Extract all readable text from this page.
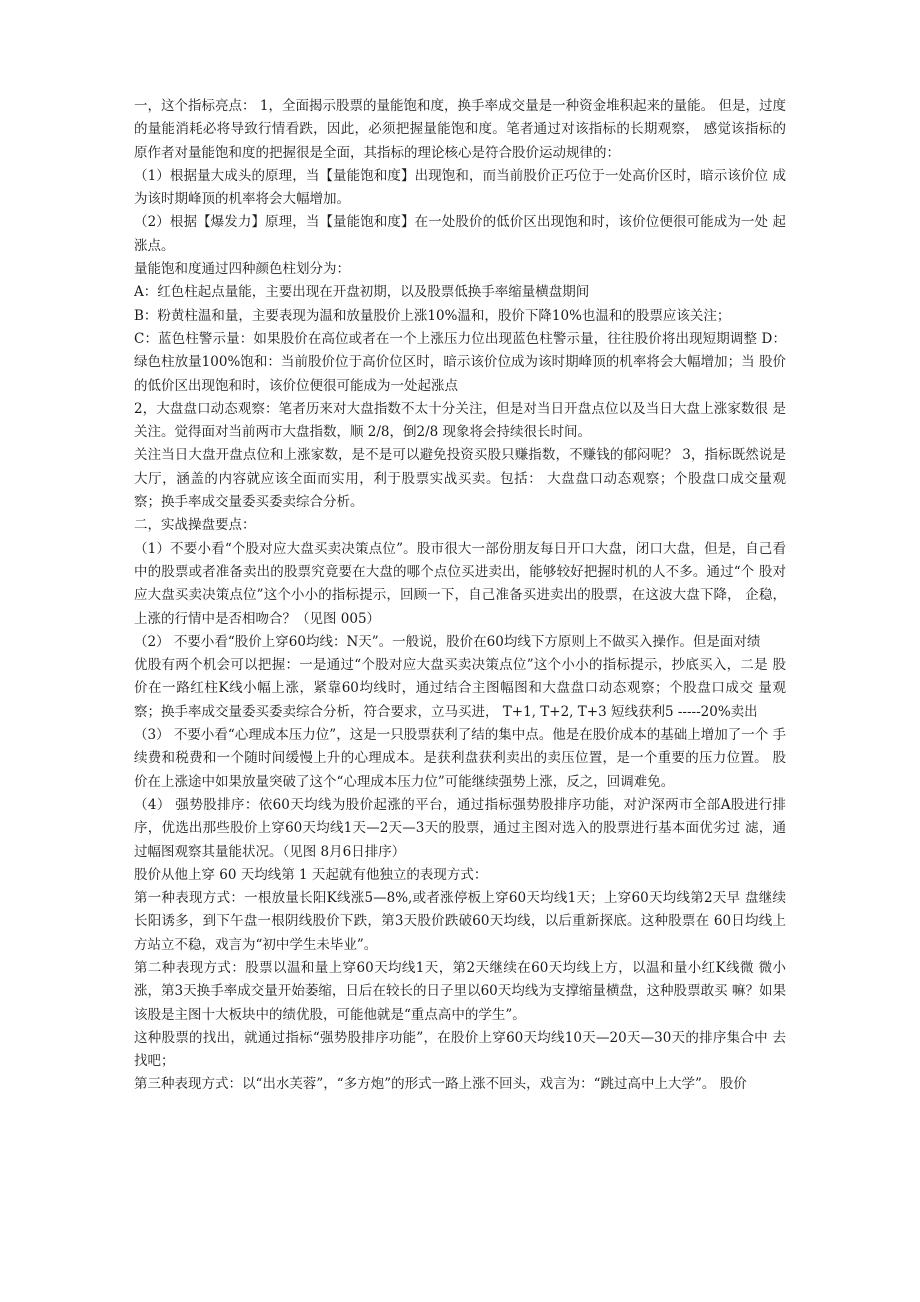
一，这个指标亮点： 1，全面揭示股票的量能饱和度，换手率成交量是一种资金堆积起来的量能。 但是，过度的量能消耗必将导致行情看跌，因此，必须把握量能饱和度。笔者通过对该指标的长期观察， 感觉该指标的原作者对量能饱和度的把握很是全面，其指标的理论核心是符合股价运动规律的：

（1）根据量大成头的原理，当【量能饱和度】出现饱和，而当前股价正巧位于一处高价区时，暗示该价位 成为该时期峰顶的机率将会大幅增加。

（2）根据【爆发力】原理，当【量能饱和度】在一处股价的低价区出现饱和时，该价位便很可能成为一处 起涨点。

量能饱和度通过四种颜色柱划分为：

A：红色柱起点量能，主要出现在开盘初期，以及股票低换手率缩量横盘期间

B：粉黄柱温和量，主要表现为温和放量股价上涨10%温和，股价下降10%也温和的股票应该关注；

C：蓝色柱警示量：如果股价在高位或者在一个上涨压力位出现蓝色柱警示量，往往股价将出现短期调整 D：绿色柱放量100%饱和：当前股价位于高价位区时，暗示该价位成为该时期峰顶的机率将会大幅增加；当 股价的低价区出现饱和时，该价位便很可能成为一处起涨点

2，大盘盘口动态观察：笔者历来对大盘指数不太十分关注，但是对当日开盘点位以及当日大盘上涨家数很 是关注。觉得面对当前两市大盘指数，顺 2/8，倒2/8 现象将会持续很长时间。

关注当日大盘开盘点位和上涨家数，是不是可以避免投资买股只赚指数，不赚钱的郁闷呢？ 3，指标既然说是大厅，涵盖的内容就应该全面而实用，利于股票实战买卖。包括： 大盘盘口动态观察；个股盘口成交量观察；换手率成交量委买委卖综合分析。

二，实战操盘要点：

（1）不要小看“个股对应大盘买卖决策点位”。股市很大一部份朋友每日开口大盘，闭口大盘，但是，自己看中的股票或者准备卖出的股票究竟要在大盘的哪个点位买进卖出，能够较好把握时机的人不多。通过“个 股对应大盘买卖决策点位”这个小小的指标提示，回顾一下，自己准备买进卖出的股票，在这波大盘下降， 企稳，上涨的行情中是否相吻合？（见图 005）

（2） 不要小看“股价上穿60均线：N天”。一般说，股价在60均线下方原则上不做买入操作。但是面对绩

优股有两个机会可以把握：一是通过“个股对应大盘买卖决策点位”这个小小的指标提示，抄底买入，二是 股价在一路红柱K线小幅上涨，紧靠60均线时，通过结合主图幅图和大盘盘口动态观察；个股盘口成交 量观察；换手率成交量委买委卖综合分析，符合要求，立马买进， T+1, T+2, T+3 短线获利5 -----20%卖出

（3） 不要小看“心理成本压力位”，这是一只股票获利了结的集中点。他是在股价成本的基础上增加了一个 手续费和税费和一个随时间缓慢上升的心理成本。是获利盘获利卖出的卖压位置，是一个重要的压力位置。 股价在上涨途中如果放量突破了这个“心理成本压力位”可能继续强势上涨，反之，回调难免。

（4） 强势股排序：依60天均线为股价起涨的平台，通过指标强势股排序功能，对沪深两市全部A股进行排序，优选出那些股价上穿60天均线1天—2天—3天的股票，通过主图对选入的股票进行基本面优劣过 滤，通过幅图观察其量能状况。（见图 8月6日排序）

股价从他上穿 60 天均线第 1 天起就有他独立的表现方式：

第一种表现方式：一根放量长阳K线涨5—8%,或者涨停板上穿60天均线1天；上穿60天均线第2天早 盘继续长阳诱多，到下午盘一根阴线股价下跌，第3天股价跌破60天均线，以后重新探底。这种股票在 60日均线上方站立不稳，戏言为“初中学生未毕业”。

第二种表现方式：股票以温和量上穿60天均线1天，第2天继续在60天均线上方，以温和量小红K线微 微小涨，第3天换手率成交量开始萎缩，日后在较长的日子里以60天均线为支撑缩量横盘，这种股票敢买 嘛？如果该股是主图十大板块中的绩优股，可能他就是“重点高中的学生”。

这种股票的找出，就通过指标“强势股排序功能”，在股价上穿60天均线10天—20天—30天的排序集合中 去找吧；

第三种表现方式：以“出水芙蓉”，“多方炮”的形式一路上涨不回头，戏言为：“跳过高中上大学”。 股价
